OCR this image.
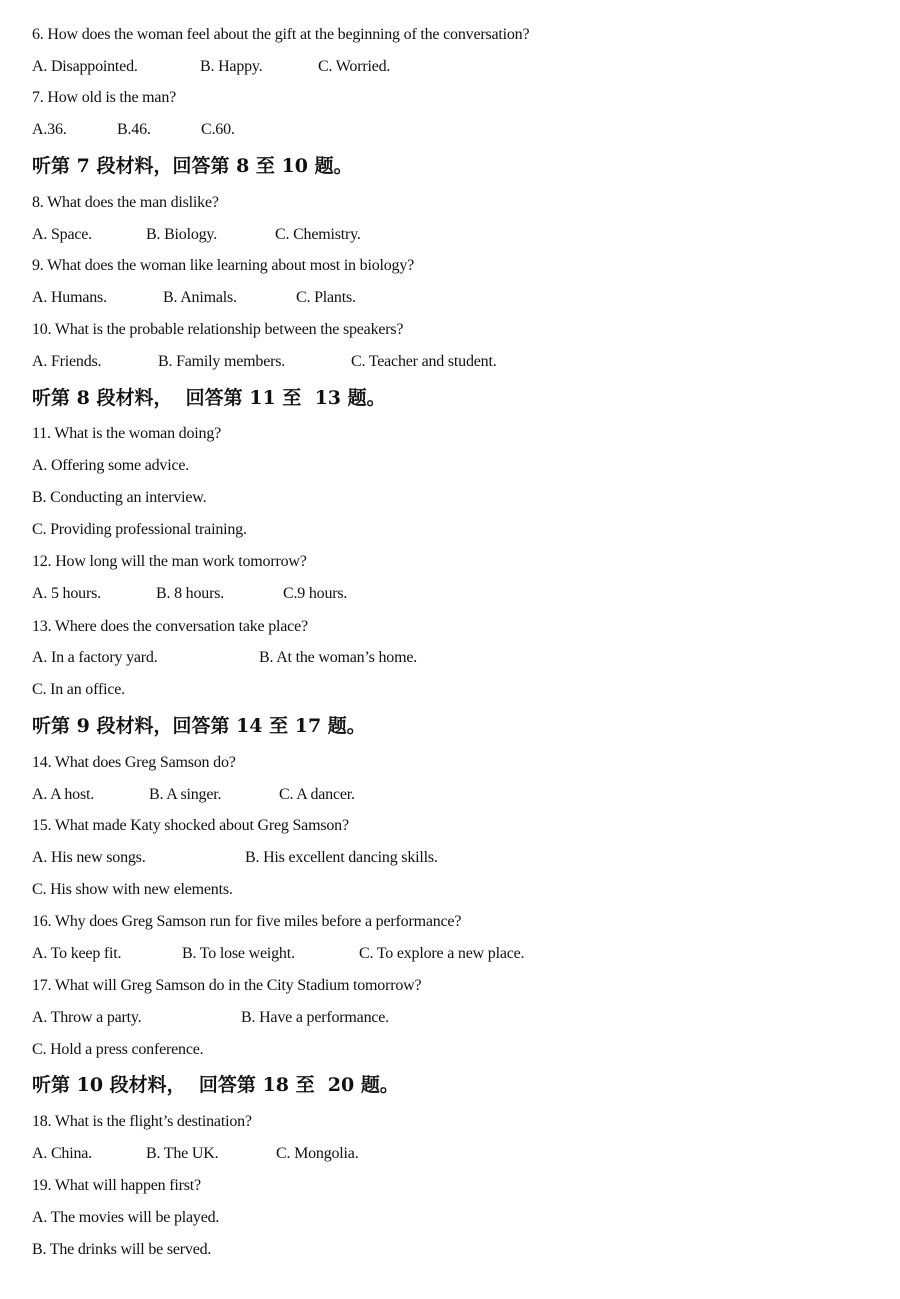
6. How does the woman feel about the gift at the beginning of the conversation?
A. Disappointed.	B. Happy.	C. Worried.
7. How old is the man?
A.36.	B.46.	C.60.
听第 7 段材料，回答第 8 至 10 题。
8. What does the man dislike?
A. Space.	B. Biology.	C. Chemistry.
9. What does the woman like learning about most in biology?
A. Humans.	B. Animals.	C. Plants.
10. What is the probable relationship between the speakers?
A. Friends.	B. Family members.	C. Teacher and student.
听第 8 段材料，  回答第 11 至  13 题。
11. What is the woman doing?
A. Offering some advice.
B. Conducting an interview.
C. Providing professional training.
12. How long will the man work tomorrow?
A. 5 hours.	B. 8 hours.	C.9 hours.
13. Where does the conversation take place?
A. In a factory yard.	B. At the woman’s home.
C. In an office.
听第 9 段材料，回答第 14 至 17 题。
14. What does Greg Samson do?
A. A host.	B. A singer.	C. A dancer.
15. What made Katy shocked about Greg Samson?
A. His new songs.	B. His excellent dancing skills.
C. His show with new elements.
16. Why does Greg Samson run for five miles before a performance?
A. To keep fit.	B. To lose weight.	C. To explore a new place.
17. What will Greg Samson do in the City Stadium tomorrow?
A. Throw a party.	B. Have a performance.
C. Hold a press conference.
听第 10 段材料，  回答第 18 至  20 题。
18. What is the flight’s destination?
A. China.	B. The UK.	C. Mongolia.
19. What will happen first?
A. The movies will be played.
B. The drinks will be served.
